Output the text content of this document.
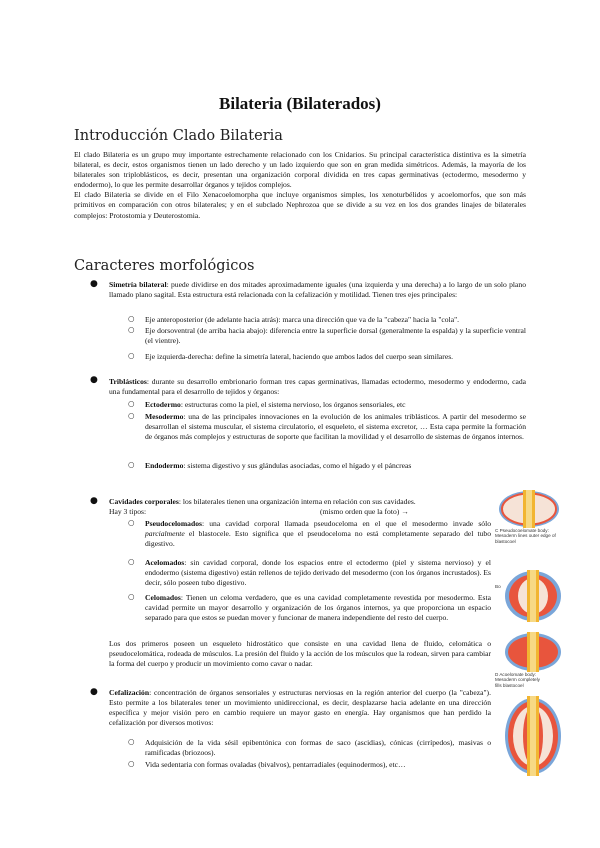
Bilateria (Bilaterados)
Introducción Clado Bilateria

El clado Bilateria es un grupo muy importante estrechamente relacionado con los Cnidarios. Su principal característica distintiva es la simetría bilateral, es decir, estos organismos tienen un lado derecho y un lado izquierdo que son en gran medida simétricos. Además, la mayoría de los bilaterales son triploblásticos, es decir, presentan una organización corporal dividida en tres capas germinativas (ectodermo, mesodermo y endodermo), lo que les permite desarrollar órganos y tejidos complejos.

El clado Bilateria se divide en el Filo Xenacoelomorpha que incluye organismos simples, los xenoturbélidos y acoelomorfos, que son más primitivos en comparación con otros bilaterales; y en el subclado Nephrozoa que se divide a su vez en los dos grandes linajes de bilaterales complejos: Protostomia y Deuterostomia.

Caracteres morfológicos
● Simetría bilateral: puede dividirse en dos mitades aproximadamente iguales (una izquierda y una derecha) a lo largo de un solo plano llamado plano sagital. Esta estructura está relacionada con la cefalización y motilidad. Tienen tres ejes principales:

○ Eje anteroposterior (de adelante hacia atrás): marca una dirección que va de la "cabeza" hacia la "cola".

○ Eje dorsoventral (de arriba hacia abajo): diferencia entre la superficie dorsal (generalmente la espalda) y la superficie ventral (el vientre).

○ Eje izquierda-derecha: define la simetría lateral, haciendo que ambos lados del cuerpo sean similares.

● Triblásticos: durante su desarrollo embrionario forman tres capas germinativas, llamadas ectodermo, mesodermo y endodermo, cada una fundamental para el desarrollo de tejidos y órganos:

○ Ectodermo: estructuras como la piel, el sistema nervioso, los órganos sensoriales, etc

○ Mesodermo: una de las principales innovaciones en la evolución de los animales triblásticos. A partir del mesodermo se desarrollan el sistema muscular, el sistema circulatorio, el esqueleto, el sistema excretor, … Esta capa permite la formación de órganos más complejos y estructuras de soporte que facilitan la movilidad y el desarrollo de sistemas de órganos internos.

○ Endodermo: sistema digestivo y sus glándulas asociadas, como el hígado y el páncreas

● Cavidades corporales: los bilaterales tienen una organización interna en relación con sus cavidades.

Hay 3 tipos:	(mismo orden que la foto) →

○ Pseudocelomados: una cavidad corporal llamada pseudoceloma en el que el mesodermo invade sólo parcialmente el blastocele. Esto significa que el pseudoceloma no está completamente separado del tubo digestivo.

○ Acelomados: sin cavidad corporal, donde los espacios entre el ectodermo (piel y sistema nervioso) y el endodermo (sistema digestivo) están rellenos de tejido derivado del mesodermo (con los órganos incrustados). Es decir, sólo poseen tubo digestivo.

○ Celomados: Tienen un celoma verdadero, que es una cavidad completamente revestida por mesodermo. Esta cavidad permite un mayor desarrollo y organización de los órganos internos, ya que proporciona un espacio separado para que estos se puedan mover y funcionar de manera independiente del resto del cuerpo.

Los dos primeros poseen un esqueleto hidrostático que consiste en una cavidad llena de fluido, celomática o pseudocelomática, rodeada de músculos. La presión del fluido y la acción de los músculos que la rodean, sirven para cambiar la forma del cuerpo y producir un movimiento como cavar o nadar.

● Cefalización: concentración de órganos sensoriales y estructuras nerviosas en la región anterior del cuerpo (la "cabeza"). Esto permite a los bilaterales tener un movimiento unidireccional, es decir, desplazarse hacia adelante en una dirección específica y mejor visión pero en cambio requiere un mayor gasto en energía. Hay organismos que han perdido la cefalización por diversos motivos:

○ Adquisición de la vida sésil epibentónica con formas de saco (ascidias), cónicas (cirrípedos), masivas o ramificadas (briozoos).

○ Vida sedentaria con formas ovaladas (bivalvos), pentarradiales (equinodermos), etc…

C Pseudocoelomate body: Mesoderm lines outer edge of blastocoel
Bo
D Acoelomate body: Mesoderm completely fills blastocoel
